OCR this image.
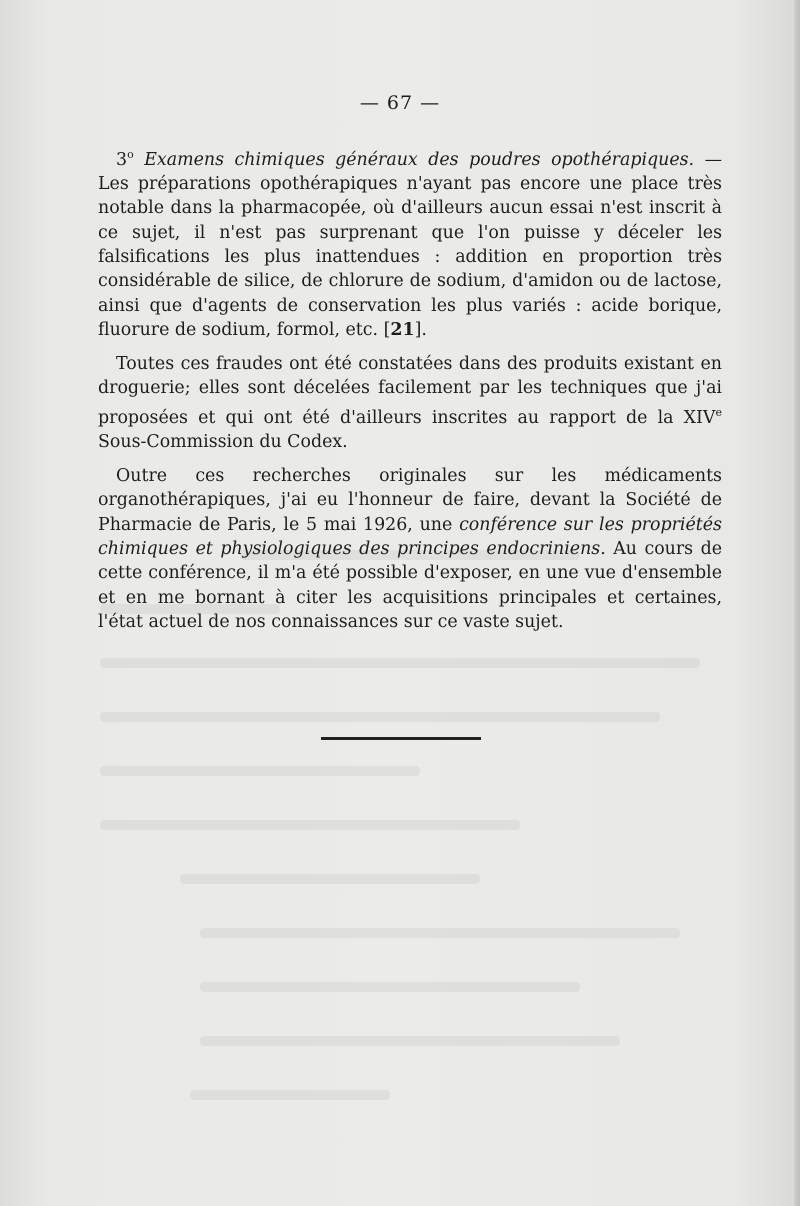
— 67 —

3$^o$ Examens chimiques généraux des poudres opothérapiques. — Les préparations opothérapiques n'ayant pas encore une place très notable dans la pharmacopée, où d'ailleurs aucun essai n'est inscrit à ce sujet, il n'est pas surprenant que l'on puisse y déceler les falsifications les plus inattendues : addition en proportion très considérable de silice, de chlorure de sodium, d'amidon ou de lactose, ainsi que d'agents de conservation les plus variés : acide borique, fluorure de sodium, formol, etc. [21].

Toutes ces fraudes ont été constatées dans des produits existant en droguerie; elles sont décelées facilement par les techniques que j'ai proposées et qui ont été d'ailleurs inscrites au rapport de la XIVe Sous-Commission du Codex.

Outre ces recherches originales sur les médicaments organothérapiques, j'ai eu l'honneur de faire, devant la Société de Pharmacie de Paris, le 5 mai 1926, une conférence sur les propriétés chimiques et physiologiques des principes endocriniens. Au cours de cette conférence, il m'a été possible d'exposer, en une vue d'ensemble et en me bornant à citer les acquisitions principales et certaines, l'état actuel de nos connaissances sur ce vaste sujet.
